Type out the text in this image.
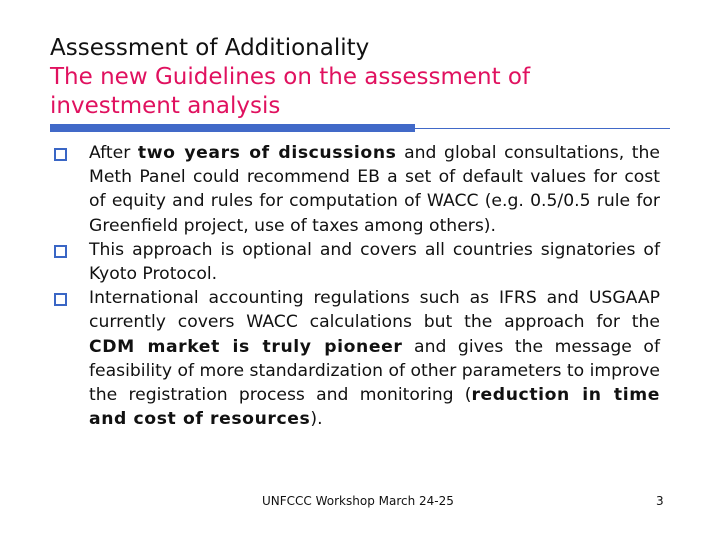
Assessment of Additionality
The new Guidelines on the assessment of
investment analysis
After two years of discussions and global consultations, the Meth Panel could recommend EB a set of default values for cost of equity and rules for computation of WACC (e.g. 0.5/0.5 rule for Greenfield project, use of taxes among others).
This approach is optional and covers all countries signatories of Kyoto Protocol.
International accounting regulations such as IFRS and USGAAP currently covers WACC calculations but the approach for the CDM market is truly pioneer and gives the message of feasibility of more standardization of other parameters to improve the registration process and monitoring (reduction in time and cost of resources).
UNFCCC Workshop March 24-25	3
